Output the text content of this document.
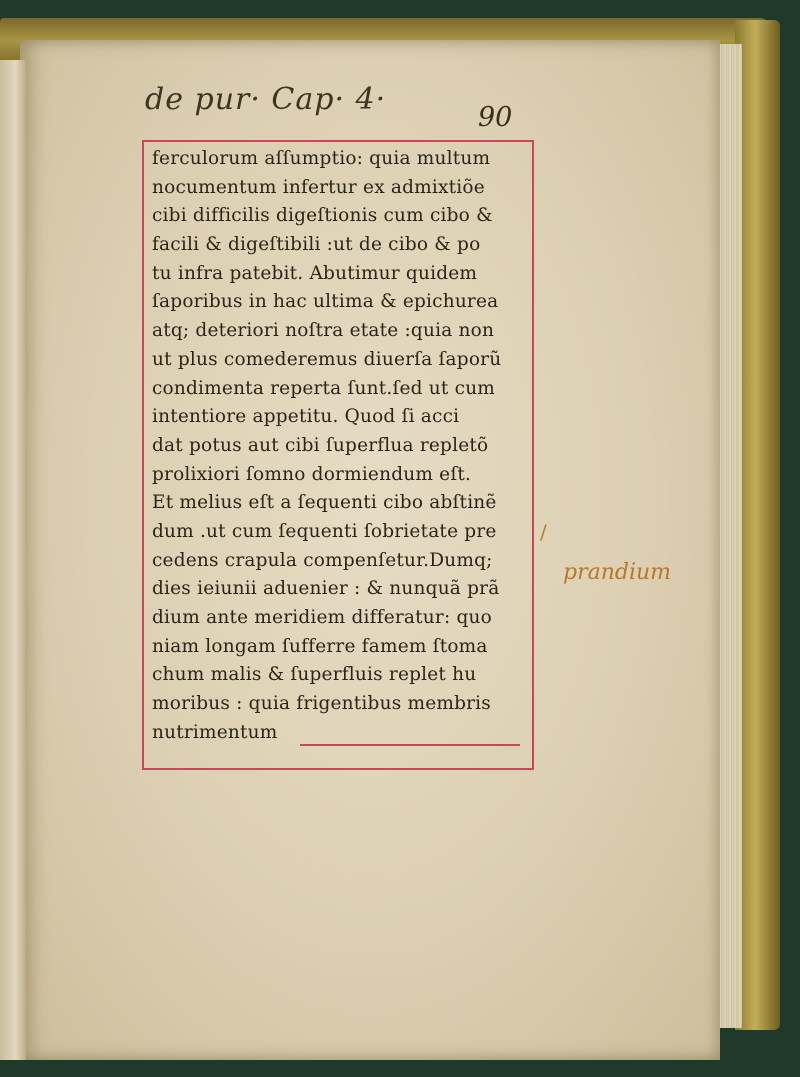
de pur· Cap· 4·
90
ferculorum aſſumptio: quia multum
nocumentum infertur ex admixtiõe
cibi difficilis digeſtionis cum cibo &
facili & digeſtibili :ut de cibo & po
tu infra patebit. Abutimur quidem
ſaporibus in hac ultima & epichurea
atq; deteriori noſtra etate :quia non
ut plus comederemus diuerſa ſaporũ
condimenta reperta ſunt.ſed ut cum
intentiore appetitu. Quod ſi acci
dat potus aut cibi ſuperflua repletõ
prolixiori ſomno dormiendum eſt.
Et melius eſt a ſequenti cibo abſtinẽ
dum .ut cum ſequenti ſobrietate pre
cedens crapula compenſetur.Dumq;
dies ieiunii aduenier : & nunquã prã
dium ante meridiem differatur: quo
niam longam ſufferre famem ſtoma
chum malis & ſuperfluis replet hu
moribus : quia frigentibus membris
nutrimentum
/
prandium
